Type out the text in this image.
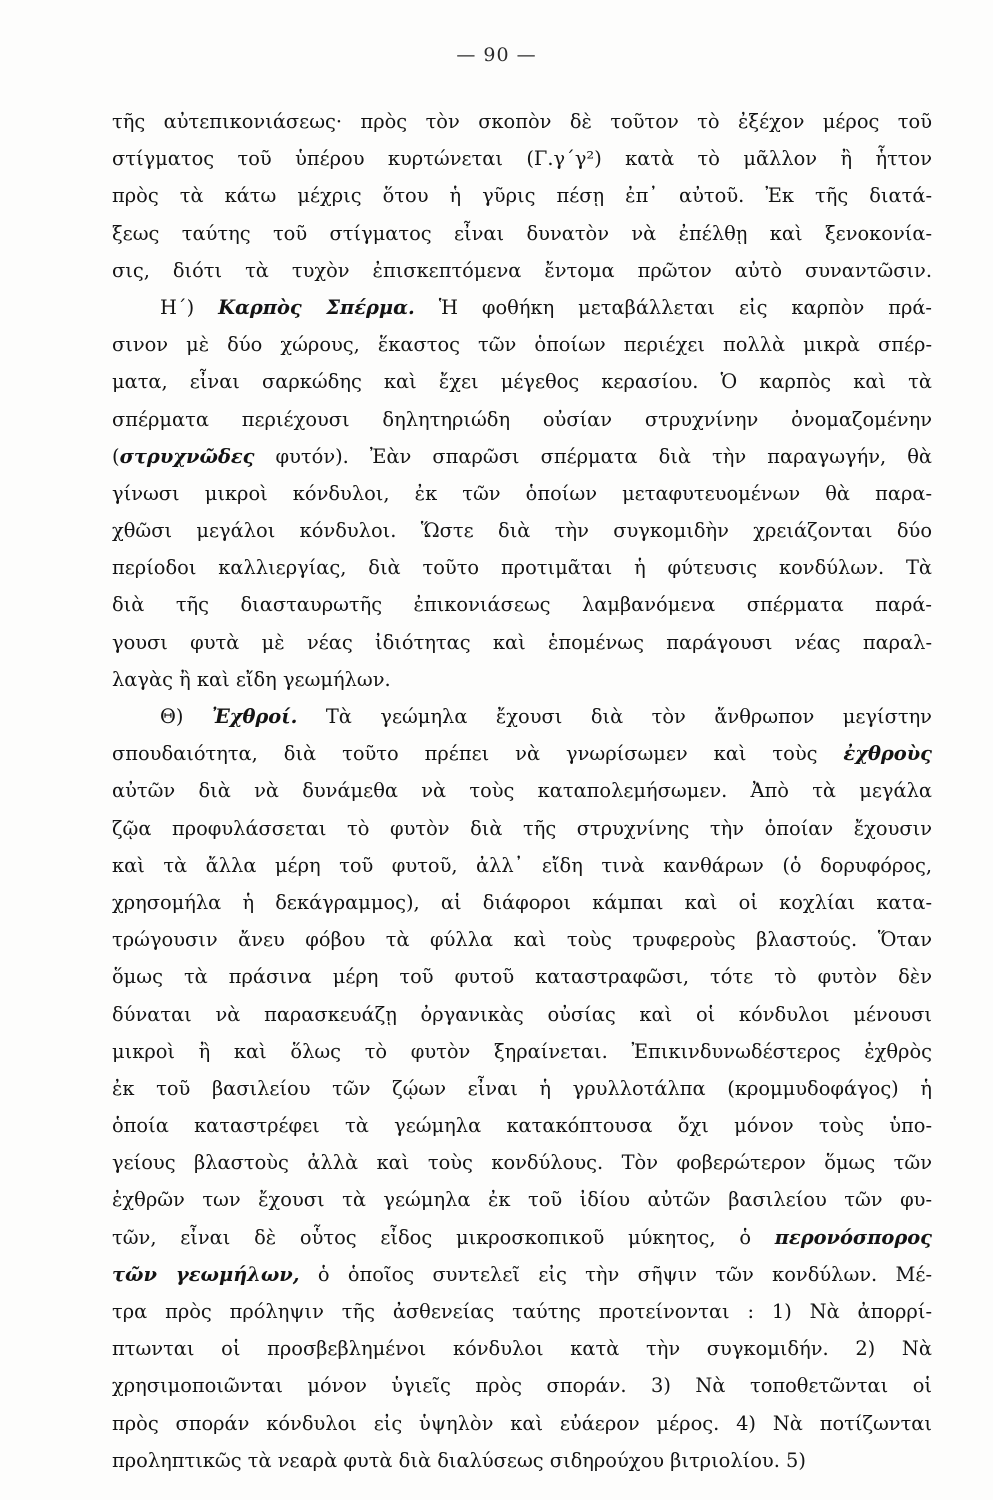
— 90 —
τῆς αὐτεπικονιάσεως· πρὸς τὸν σκοπὸν δὲ τοῦτον τὸ ἐξέχον μέρος τοῦ
στίγματος τοῦ ὑπέρου κυρτώνεται (Γ.γ΄γ²) κατὰ τὸ μᾶλλον ἢ ἧττον
πρὸς τὰ κάτω μέχρις ὅτου ἡ γῦρις πέσῃ ἐπ᾽ αὐτοῦ. Ἐκ τῆς διατά-
ξεως ταύτης τοῦ στίγματος εἶναι δυνατὸν νὰ ἐπέλθῃ καὶ ξενοκονία-
σις, διότι τὰ τυχὸν ἐπισκεπτόμενα ἔντομα πρῶτον αὐτὸ συναντῶσιν.
Η΄) Καρπὸς Σπέρμα. Ἡ φοθήκη μεταβάλλεται εἰς καρπὸν πρά-
σινον μὲ δύο χώρους, ἕκαστος τῶν ὁποίων περιέχει πολλὰ μικρὰ σπέρ-
ματα, εἶναι σαρκώδης καὶ ἔχει μέγεθος κερασίου. Ὁ καρπὸς καὶ τὰ
σπέρματα περιέχουσι δηλητηριώδη οὐσίαν στρυχνίνην ὀνομαζομένην
(στρυχνῶδες φυτόν). Ἐὰν σπαρῶσι σπέρματα διὰ τὴν παραγωγήν, θὰ
γίνωσι μικροὶ κόνδυλοι, ἐκ τῶν ὁποίων μεταφυτευομένων θὰ παρα-
χθῶσι μεγάλοι κόνδυλοι. Ὥστε διὰ τὴν συγκομιδὴν χρειάζονται δύο
περίοδοι καλλιεργίας, διὰ τοῦτο προτιμᾶται ἡ φύτευσις κονδύλων. Τὰ
διὰ τῆς διασταυρωτῆς ἐπικονιάσεως λαμβανόμενα σπέρματα παρά-
γουσι φυτὰ μὲ νέας ἰδιότητας καὶ ἑπομένως παράγουσι νέας παραλ-
λαγὰς ἢ καὶ εἴδη γεωμήλων.
Θ) Ἐχθροί. Τὰ γεώμηλα ἔχουσι διὰ τὸν ἄνθρωπον μεγίστην
σπουδαιότητα, διὰ τοῦτο πρέπει νὰ γνωρίσωμεν καὶ τοὺς ἐχθροὺς
αὐτῶν διὰ νὰ δυνάμεθα νὰ τοὺς καταπολεμήσωμεν. Ἀπὸ τὰ μεγάλα
ζῷα προφυλάσσεται τὸ φυτὸν διὰ τῆς στρυχνίνης τὴν ὁποίαν ἔχουσιν
καὶ τὰ ἄλλα μέρη τοῦ φυτοῦ, ἀλλ᾽ εἴδη τινὰ κανθάρων (ὁ δορυφόρος,
χρησομήλα ἡ δεκάγραμμος), αἱ διάφοροι κάμπαι καὶ οἱ κοχλίαι κατα-
τρώγουσιν ἄνευ φόβου τὰ φύλλα καὶ τοὺς τρυφεροὺς βλαστούς. Ὅταν
ὅμως τὰ πράσινα μέρη τοῦ φυτοῦ καταστραφῶσι, τότε τὸ φυτὸν δὲν
δύναται νὰ παρασκευάζῃ ὀργανικὰς οὐσίας καὶ οἱ κόνδυλοι μένουσι
μικροὶ ἢ καὶ ὅλως τὸ φυτὸν ξηραίνεται. Ἐπικινδυνωδέστερος ἐχθρὸς
ἐκ τοῦ βασιλείου τῶν ζῴων εἶναι ἡ γρυλλοτάλπα (κρομμυδοφάγος) ἡ
ὁποία καταστρέφει τὰ γεώμηλα κατακόπτουσα ὄχι μόνον τοὺς ὑπο-
γείους βλαστοὺς ἀλλὰ καὶ τοὺς κονδύλους. Τὸν φοβερώτερον ὅμως τῶν
ἐχθρῶν των ἔχουσι τὰ γεώμηλα ἐκ τοῦ ἰδίου αὐτῶν βασιλείου τῶν φυ-
τῶν, εἶναι δὲ οὗτος εἶδος μικροσκοπικοῦ μύκητος, ὁ περονόσπορος
τῶν γεωμήλων, ὁ ὁποῖος συντελεῖ εἰς τὴν σῆψιν τῶν κονδύλων. Μέ-
τρα πρὸς πρόληψιν τῆς ἀσθενείας ταύτης προτείνονται : 1) Νὰ ἀπορρί-
πτωνται οἱ προσβεβλημένοι κόνδυλοι κατὰ τὴν συγκομιδήν. 2) Νὰ
χρησιμοποιῶνται μόνον ὑγιεῖς πρὸς σποράν. 3) Νὰ τοποθετῶνται οἱ
πρὸς σποράν κόνδυλοι εἰς ὑψηλὸν καὶ εὐάερον μέρος. 4) Νὰ ποτίζωνται
προληπτικῶς τὰ νεαρὰ φυτὰ διὰ διαλύσεως σιδηρούχου βιτριολίου. 5)
